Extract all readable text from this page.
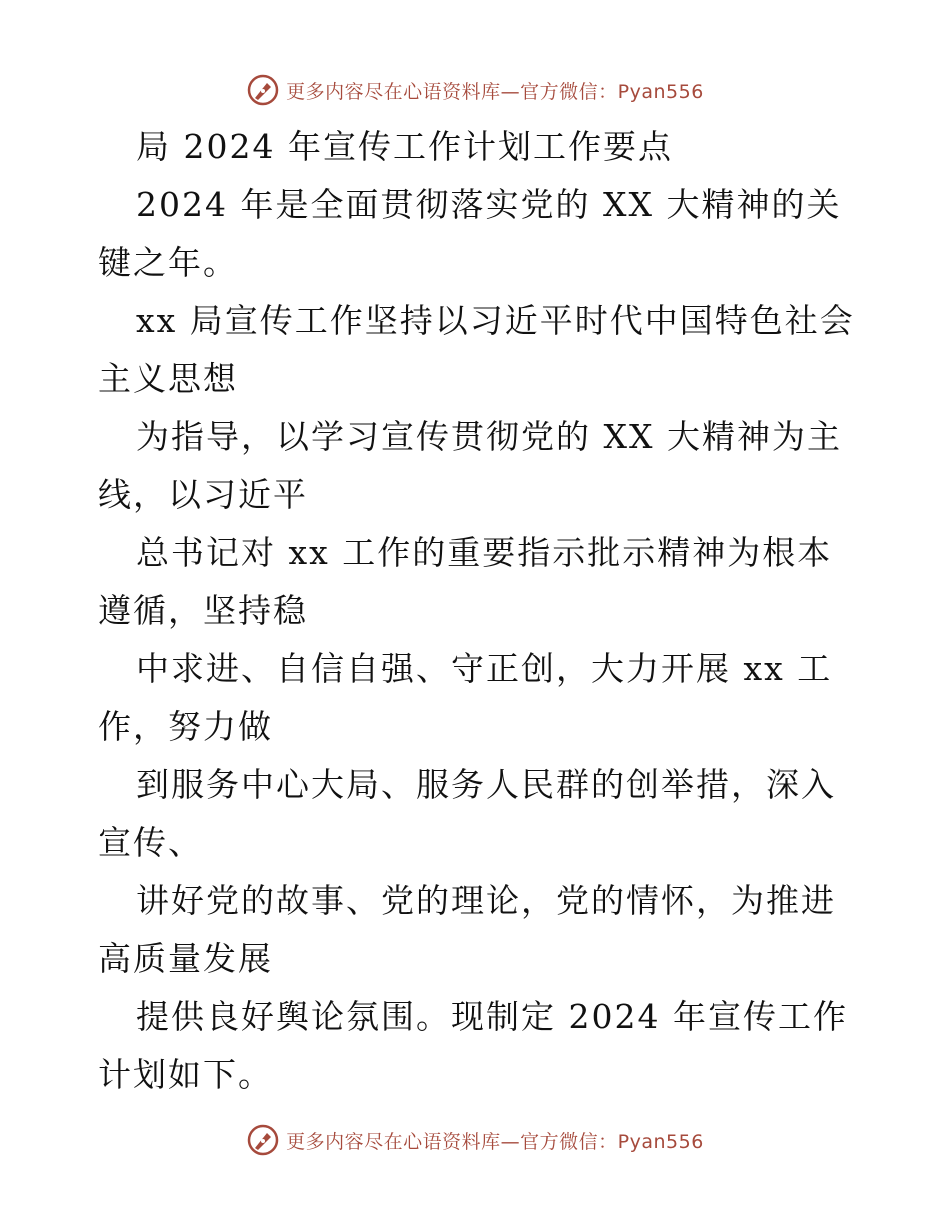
更多内容尽在心语资料库—官方微信：Pyan556

局 2024 年宣传工作计划工作要点

2024 年是全面贯彻落实党的 XX 大精神的关键之年。

xx 局宣传工作坚持以习近平时代中国特色社会主义思想

为指导，以学习宣传贯彻党的 XX 大精神为主线，以习近平

总书记对 xx 工作的重要指示批示精神为根本遵循，坚持稳

中求进、自信自强、守正创，大力开展 xx 工作，努力做

到服务中心大局、服务人民群的创举措，深入宣传、

讲好党的故事、党的理论，党的情怀，为推进高质量发展

提供良好舆论氛围。现制定 2024 年宣传工作计划如下。

更多内容尽在心语资料库—官方微信：Pyan556
